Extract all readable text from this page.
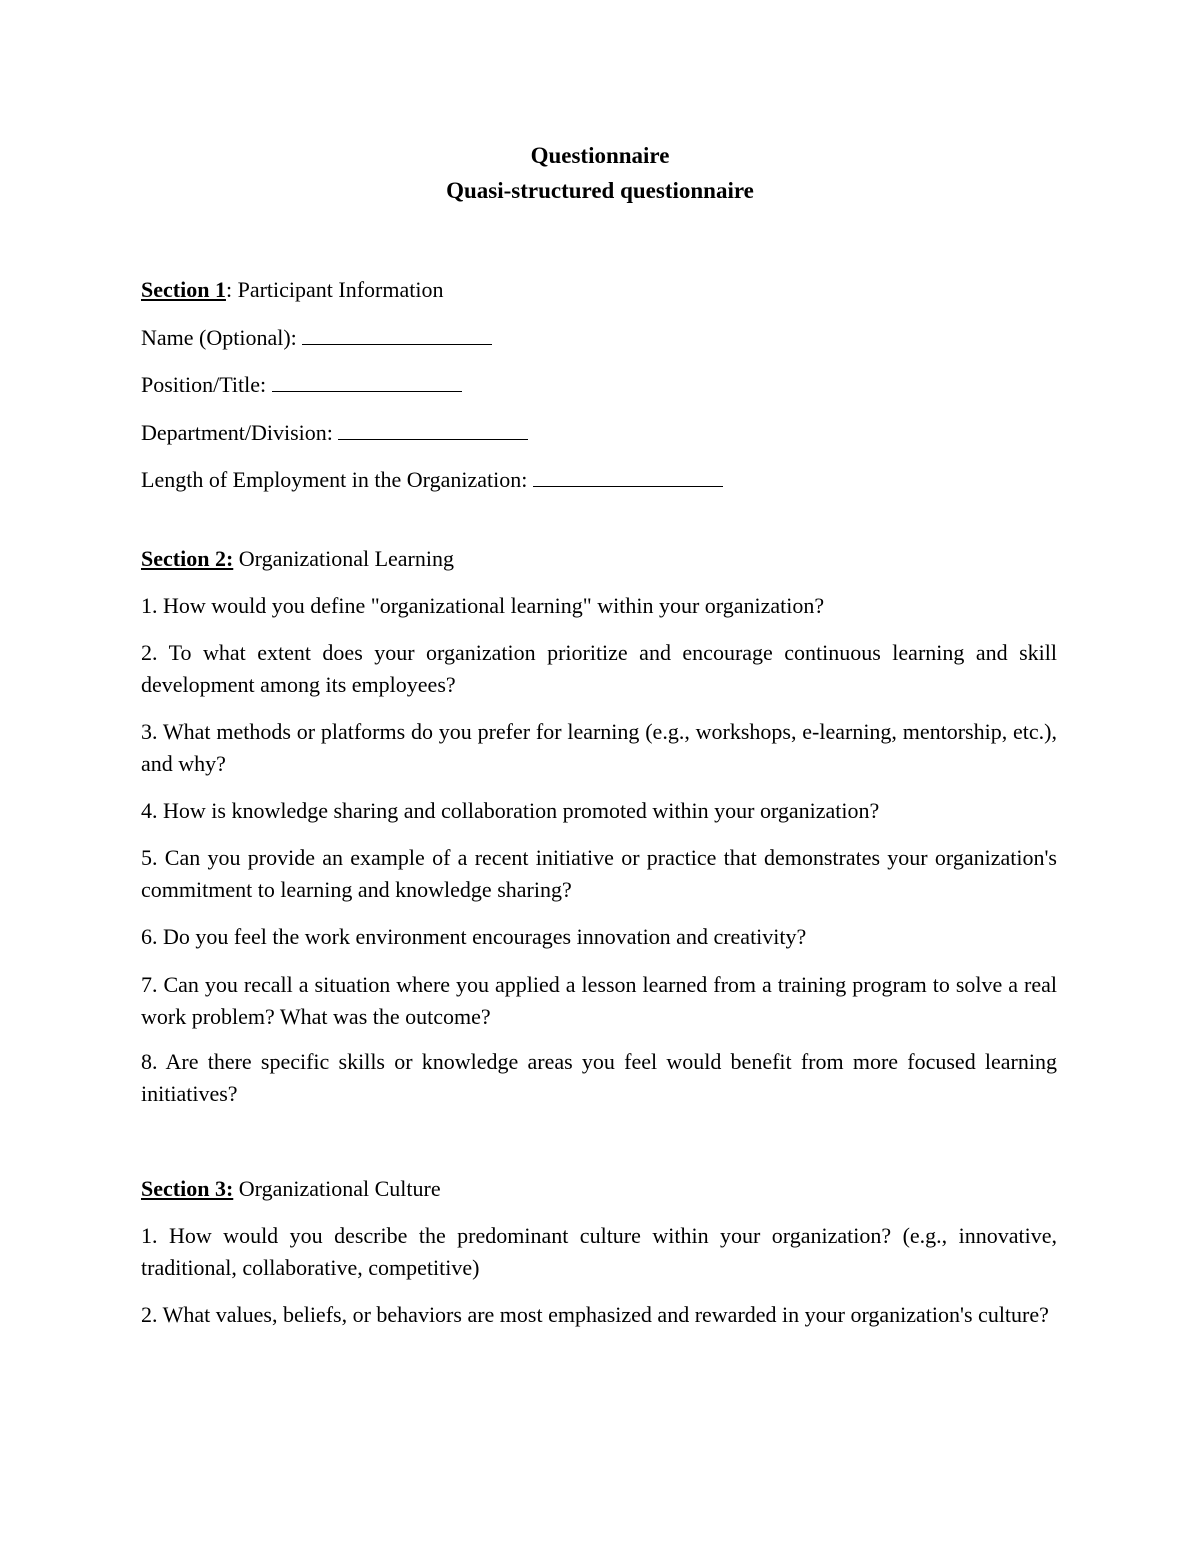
Questionnaire
Quasi-structured questionnaire
Section 1: Participant Information
Name (Optional):
Position/Title:
Department/Division:
Length of Employment in the Organization:
Section 2: Organizational Learning
1. How would you define "organizational learning" within your organization?
2. To what extent does your organization prioritize and encourage continuous learning and skill development among its employees?
3. What methods or platforms do you prefer for learning (e.g., workshops, e-learning, mentorship, etc.), and why?
4. How is knowledge sharing and collaboration promoted within your organization?
5. Can you provide an example of a recent initiative or practice that demonstrates your organization's commitment to learning and knowledge sharing?
6. Do you feel the work environment encourages innovation and creativity?
7. Can you recall a situation where you applied a lesson learned from a training program to solve a real work problem? What was the outcome?
8. Are there specific skills or knowledge areas you feel would benefit from more focused learning initiatives?
Section 3: Organizational Culture
1. How would you describe the predominant culture within your organization? (e.g., innovative, traditional, collaborative, competitive)
2. What values, beliefs, or behaviors are most emphasized and rewarded in your organization's culture?
